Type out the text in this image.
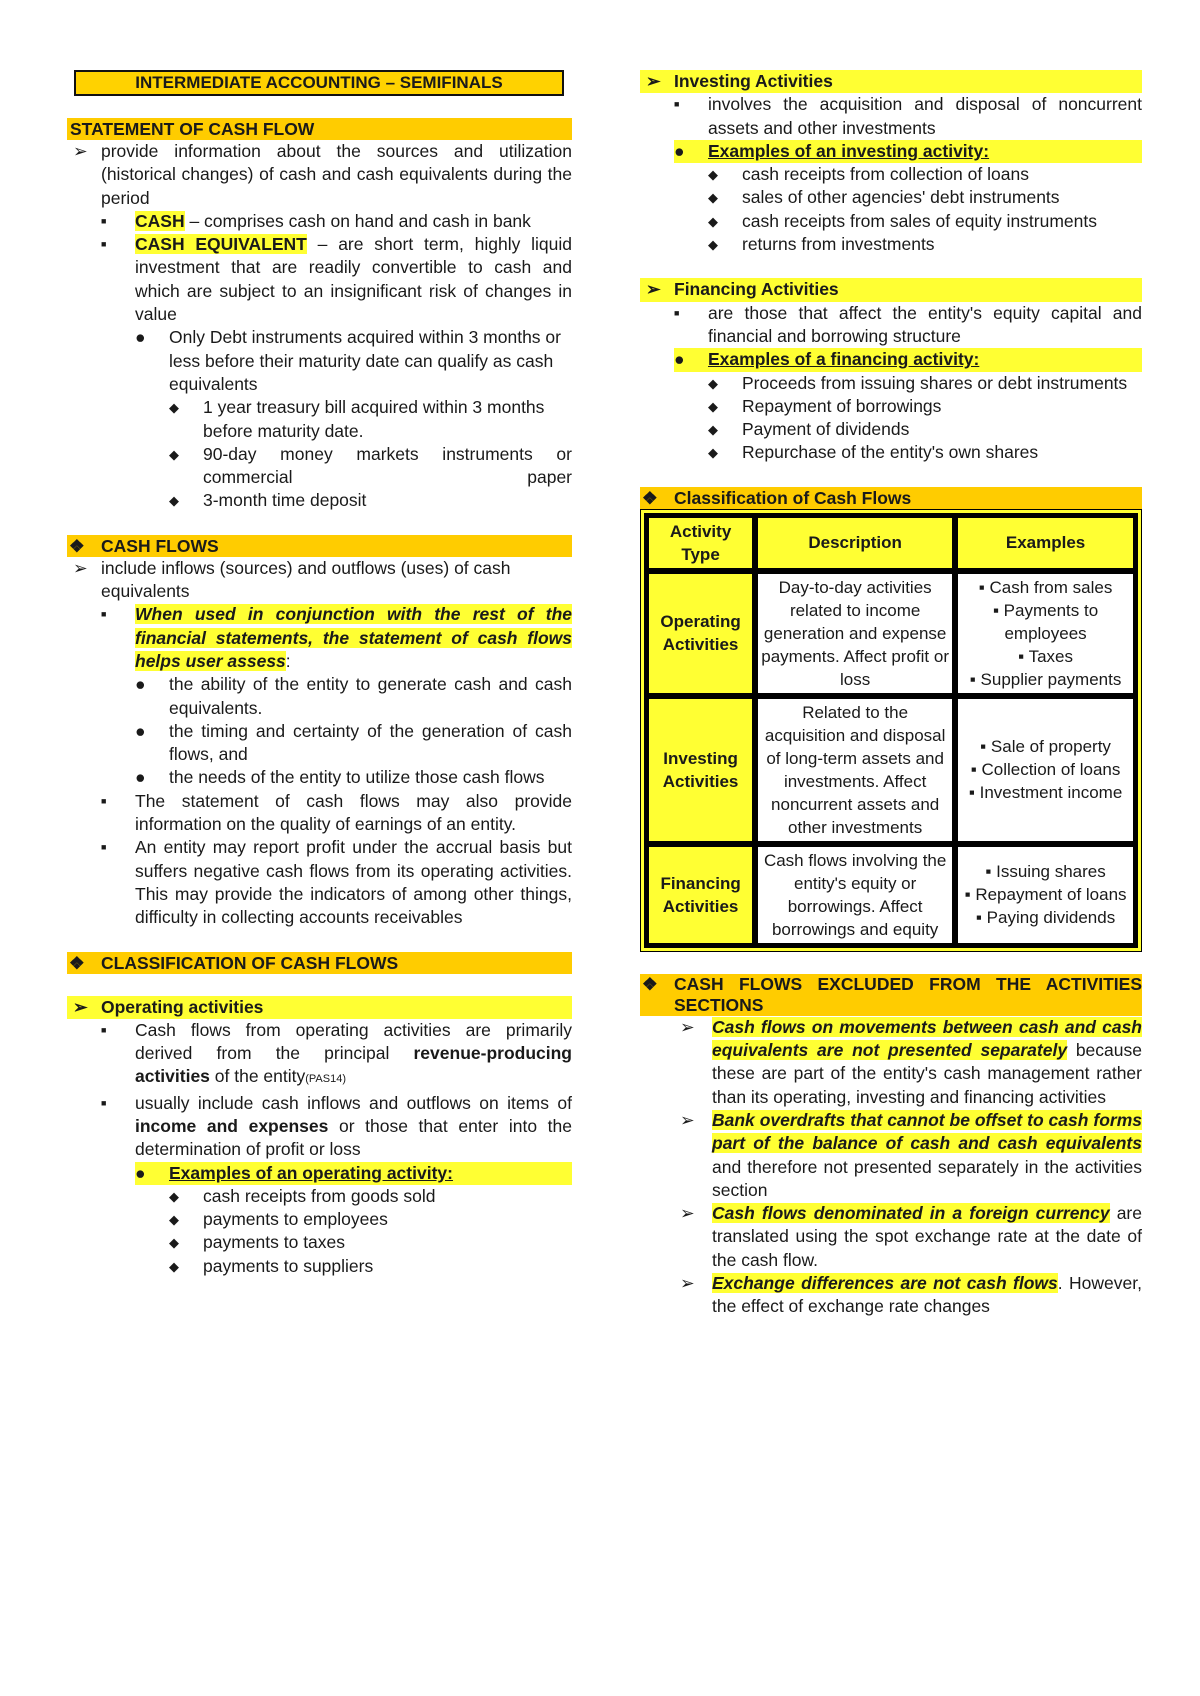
INTERMEDIATE ACCOUNTING – SEMIFINALS
STATEMENT OF CASH FLOW
➢ provide information about the sources and utilization (historical changes) of cash and cash equivalents during the period
■	CASH – comprises cash on hand and cash in bank
■	CASH EQUIVALENT – are short term, highly liquid investment that are readily convertible to cash and which are subject to an insignificant risk of changes in value
●	Only Debt instruments acquired within 3 months or less before their maturity date can qualify as cash equivalents
◆	1 year treasury bill acquired within 3 months before maturity date.
◆	90-day money markets instruments or commercial paper
◆	3-month time deposit
❖ CASH FLOWS
➢ include inflows (sources) and outflows (uses) of cash equivalents
■	When used in conjunction with the rest of the financial statements, the statement of cash flows helps user assess:
●	the ability of the entity to generate cash and cash equivalents.
●	the timing and certainty of the generation of cash flows, and
●	the needs of the entity to utilize those cash flows
■	The statement of cash flows may also provide information on the quality of earnings of an entity.
■	An entity may report profit under the accrual basis but suffers negative cash flows from its operating activities. This may provide the indicators of among other things, difficulty in collecting accounts receivables
❖ CLASSIFICATION OF CASH FLOWS
➢ Operating activities
■	Cash flows from operating activities are primarily derived from the principal revenue-producing activities of the entity(PAS14)
■	usually include cash inflows and outflows on items of income and expenses or those that enter into the determination of profit or loss
●	Examples of an operating activity:
◆	cash receipts from goods sold
◆	payments to employees
◆	payments to taxes
◆	payments to suppliers
➢ Investing Activities
■	involves the acquisition and disposal of noncurrent assets and other investments
●	Examples of an investing activity:
◆	cash receipts from collection of loans
◆	sales of other agencies' debt instruments
◆	cash receipts from sales of equity instruments
◆	returns from investments
➢ Financing Activities
■	are those that affect the entity's equity capital and financial and borrowing structure
●	Examples of a financing activity:
◆	Proceeds from issuing shares or debt instruments
◆	Repayment of borrowings
◆	Payment of dividends
◆	Repurchase of the entity's own shares
❖ Classification of Cash Flows
Activity Type	Description	Examples
Operating Activities	Day-to-day activities related to income generation and expense payments. Affect profit or loss	▪ Cash from sales
▪ Payments to employees
▪ Taxes
▪ Supplier payments

Investing Activities	Related to the acquisition and disposal of long-term assets and investments. Affect noncurrent assets and other investments	▪ Sale of property
▪ Collection of loans
▪ Investment income

Financing Activities	Cash flows involving the entity's equity or borrowings. Affect borrowings and equity	▪ Issuing shares
▪ Repayment of loans
▪ Paying dividends
❖ CASH FLOWS EXCLUDED FROM THE ACTIVITIES SECTIONS
➢ Cash flows on movements between cash and cash equivalents are not presented separately because these are part of the entity's cash management rather than its operating, investing and financing activities
➢ Bank overdrafts that cannot be offset to cash forms part of the balance of cash and cash equivalents and therefore not presented separately in the activities section
➢ Cash flows denominated in a foreign currency are translated using the spot exchange rate at the date of the cash flow.
➢ Exchange differences are not cash flows. However, the effect of exchange rate changes
